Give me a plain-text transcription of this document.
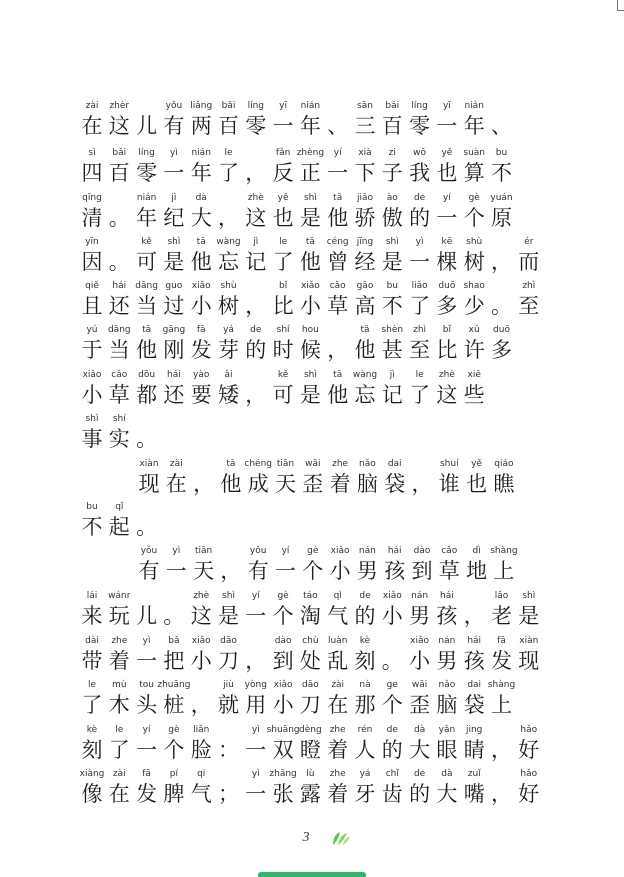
zài
在
zhèr
这 儿
yǒu
有
liǎng
两
bǎi
百
líng
零
yī
一
nián
年 、
sān
三
bǎi
百
líng
零
yī
一
nián
年 、
sì
四
bǎi
百
líng
零
yì
一
nián
年
le
了 ，
fǎn
反
zhèng
正
yí
一
xià
下
zi
子
wǒ
我
yě
也
suàn
算
bu
不
qīng
清 。
nián
年
jì
纪
dà
大 ，
zhè
这
yě
也
shì
是
tā
他
jiāo
骄
ào
傲
de
的
yí
一
gè
个
yuán
原
yīn
因 。
kě
可
shì
是
tā
他
wàng
忘
jì
记
le
了
tā
他
céng
曾
jīng
经
shì
是
yì
一
kē
棵
shù
树 ，
ér
而
qiě
且
hái
还
dāng
当
guo
过
xiǎo
小
shù
树 ，
bǐ
比
xiǎo
小
cǎo
草
gāo
高
bu
不
liǎo
了
duō
多
shao
少 。
zhì
至
yú
于
dāng
当
tā
他
gāng
刚
fā
发
yá
芽
de
的
shí
时
hou
候 ，
tā
他
shèn
甚
zhì
至
bǐ
比
xǔ
许
duō
多
xiǎo
小
cǎo
草
dōu
都
hái
还
yào
要
ǎi
矮 ，
kě
可
shì
是
tā
他
wàng
忘
jì
记
le
了
zhè
这
xiē
些
shì
事
shí
实 。
xiàn
现
zài
在 ，
tā
他
chéng
成
tiān
天
wāi
歪
zhe
着
nǎo
脑
dai
袋 ，
shuí
谁
yě
也
qiáo
瞧
bu
不
qǐ
起 。
yǒu
有
yì
一
tiān
天 ，
yǒu
有
yí
一
gè
个
xiǎo
小
nán
男
hái
孩
dào
到
cǎo
草
dì
地
shàng
上
lái
来
wánr
玩 儿 。
zhè
这
shì
是
yí
一
gè
个
táo
淘
qì
气
de
的
xiǎo
小
nán
男
hái
孩 ，
lǎo
老
shì
是
dài
带
zhe
着
yì
一
bǎ
把
xiǎo
小
dāo
刀 ，
dào
到
chù
处
luàn
乱
kè
刻 。
xiǎo
小
nán
男
hái
孩
fā
发
xiàn
现
le
了
mù
木
tou
头
zhuāng
桩 ，
jiù
就
yòng
用
xiǎo
小
dāo
刀
zài
在
nà
那
ge
个
wāi
歪
nǎo
脑
dai
袋
shàng
上
kè
刻
le
了
yí
一
gè
个
liǎn
脸 ：
yì
一
shuāng
双
dèng
瞪
zhe
着
rén
人
de
的
dà
大
yǎn
眼
jing
睛 ，
hǎo
好
xiàng
像
zài
在
fā
发
pí
脾
qi
气 ；
yì
一
zhāng
张
lù
露
zhe
着
yá
牙
chǐ
齿
de
的
dà
大
zuǐ
嘴 ，
hǎo
好
3
